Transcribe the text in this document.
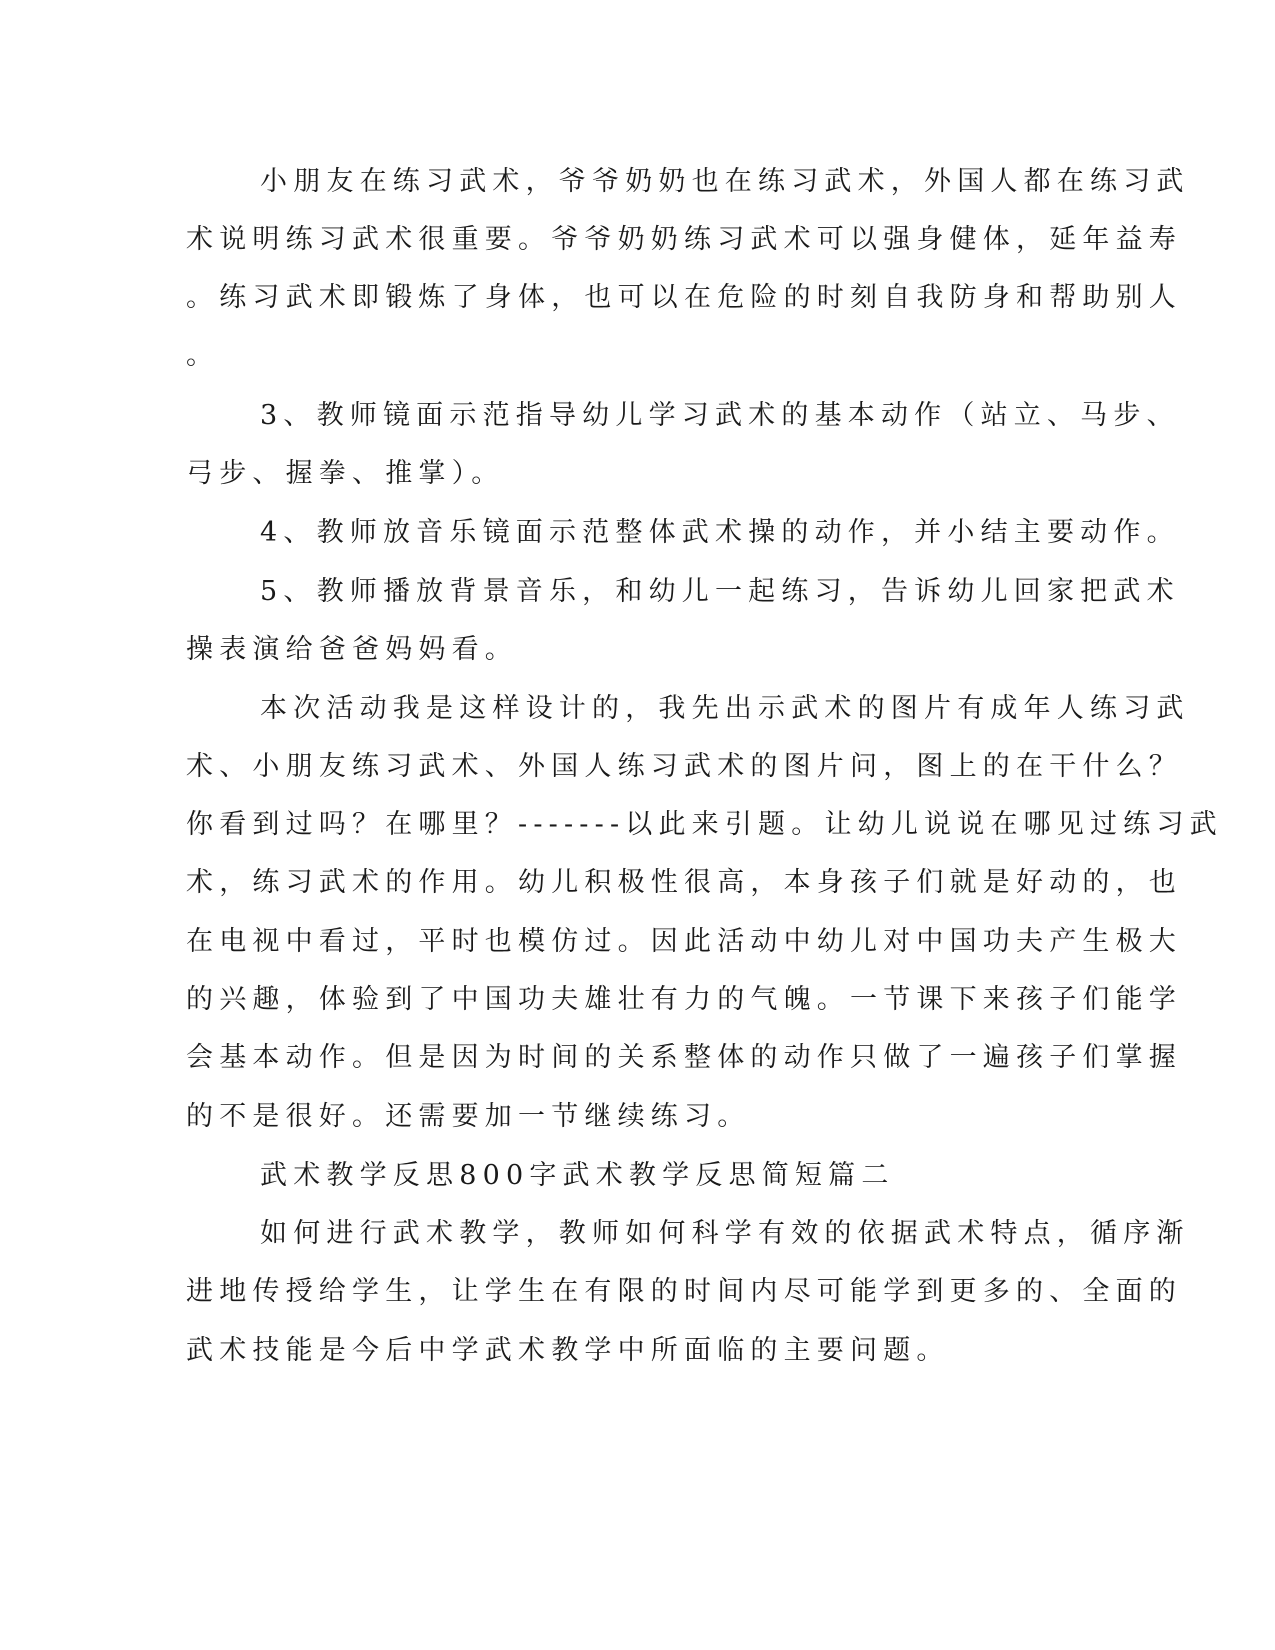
小朋友在练习武术，爷爷奶奶也在练习武术，外国人都在练习武
术说明练习武术很重要。爷爷奶奶练习武术可以强身健体，延年益寿
。练习武术即锻炼了身体，也可以在危险的时刻自我防身和帮助别人
。
3、教师镜面示范指导幼儿学习武术的基本动作（站立、马步、
弓步、握拳、推掌）。
4、教师放音乐镜面示范整体武术操的动作，并小结主要动作。
5、教师播放背景音乐，和幼儿一起练习，告诉幼儿回家把武术
操表演给爸爸妈妈看。
本次活动我是这样设计的，我先出示武术的图片有成年人练习武
术、小朋友练习武术、外国人练习武术的图片问，图上的在干什么？
你看到过吗？在哪里？-------以此来引题。让幼儿说说在哪见过练习武
术，练习武术的作用。幼儿积极性很高，本身孩子们就是好动的，也
在电视中看过，平时也模仿过。因此活动中幼儿对中国功夫产生极大
的兴趣，体验到了中国功夫雄壮有力的气魄。一节课下来孩子们能学
会基本动作。但是因为时间的关系整体的动作只做了一遍孩子们掌握
的不是很好。还需要加一节继续练习。
武术教学反思800字武术教学反思简短篇二
如何进行武术教学，教师如何科学有效的依据武术特点，循序渐
进地传授给学生，让学生在有限的时间内尽可能学到更多的、全面的
武术技能是今后中学武术教学中所面临的主要问题。
